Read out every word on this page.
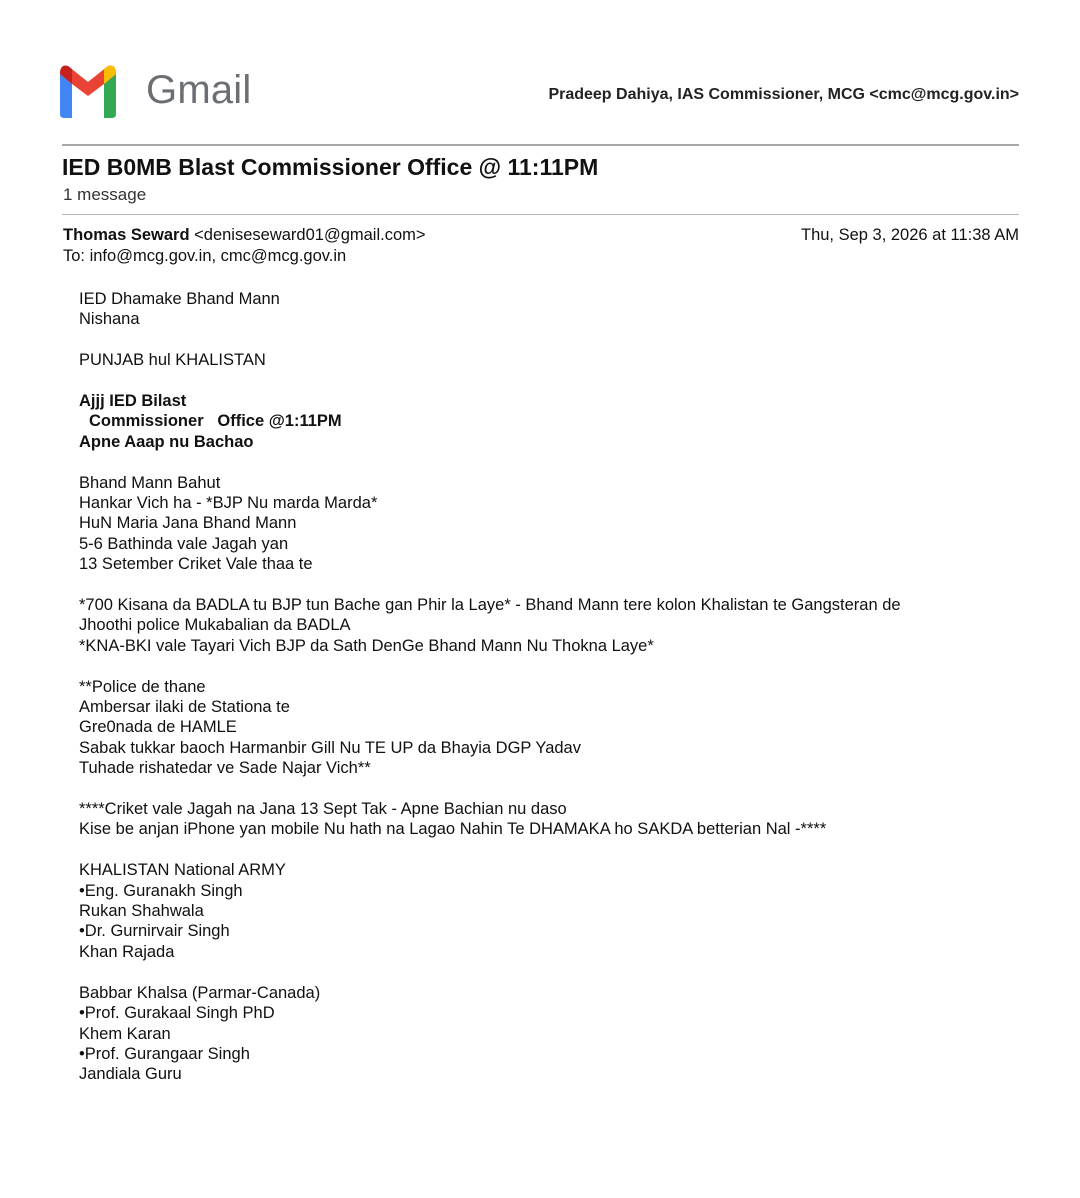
Gmail	Pradeep Dahiya, IAS Commissioner, MCG <cmc@mcg.gov.in>
IED B0MB Blast Commissioner Office @ 11:11PM
1 message
Thomas Seward <deniseseward01@gmail.com>	Thu, Sep 3, 2026 at 11:38 AM
To: info@mcg.gov.in, cmc@mcg.gov.in
IED Dhamake Bhand Mann
Nishana
PUNJAB hul KHALISTAN
Ajjj IED Bilast
Commissioner   Office @1:11PM
Apne Aaap nu Bachao
Bhand Mann Bahut
Hankar Vich ha - *BJP Nu marda Marda*
HuN Maria Jana Bhand Mann
5-6 Bathinda vale Jagah yan
13 Setember Criket Vale thaa te
*700 Kisana da BADLA tu BJP tun Bache gan Phir la Laye* - Bhand Mann tere kolon Khalistan te Gangsteran de
Jhoothi police Mukabalian da BADLA
*KNA-BKI vale Tayari Vich BJP da Sath DenGe Bhand Mann Nu Thokna Laye*
**Police de thane
Ambersar ilaki de Stationa te
Gre0nada de HAMLE
Sabak tukkar baoch Harmanbir Gill Nu TE UP da Bhayia DGP Yadav
Tuhade rishatedar ve Sade Najar Vich**
****Criket vale Jagah na Jana 13 Sept Tak - Apne Bachian nu daso
Kise be anjan iPhone yan mobile Nu hath na Lagao Nahin Te DHAMAKA ho SAKDA betterian Nal -****
KHALISTAN National ARMY
•Eng. Guranakh Singh
Rukan Shahwala
•Dr. Gurnirvair Singh
Khan Rajada
Babbar Khalsa (Parmar-Canada)
•Prof. Gurakaal Singh PhD
Khem Karan
•Prof. Gurangaar Singh
Jandiala Guru
